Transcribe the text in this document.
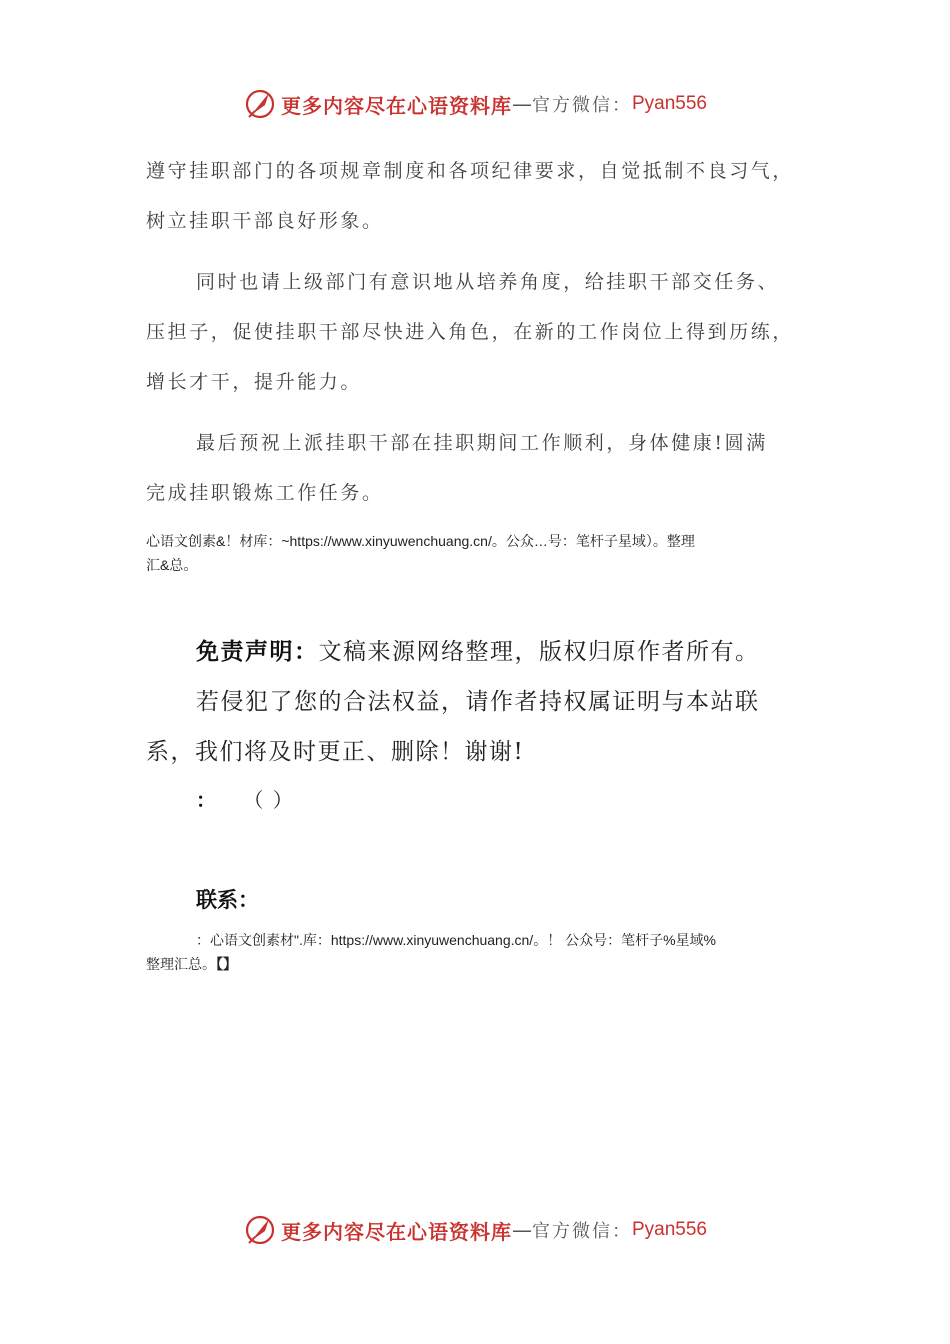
更多内容尽在心语资料库 — 官方微信： Pyan556
遵守挂职部门的各项规章制度和各项纪律要求，自觉抵制不良习气，
树立挂职干部良好形象。
同时也请上级部门有意识地从培养角度，给挂职干部交任务、
压担子，促使挂职干部尽快进入角色，在新的工作岗位上得到历练，
增长才干，提升能力。
最后预祝上派挂职干部在挂职期间工作顺利，身体健康!圆满
完成挂职锻炼工作任务。
心语文创素&！材库：~https://www.xinyuwenchuang.cn/。公众…号：笔杆子星域）。整理
汇&总。
免责声明：文稿来源网络整理，版权归原作者所有。
若侵犯了您的合法权益，请作者持权属证明与本站联
系，我们将及时更正、删除！谢谢!
： （ ）
联系：
：心语文创素材".库：https://www.xinyuwenchuang.cn/。！ 公众号：笔杆子%星域%
整理汇总。【】
更多内容尽在心语资料库 — 官方微信： Pyan556
